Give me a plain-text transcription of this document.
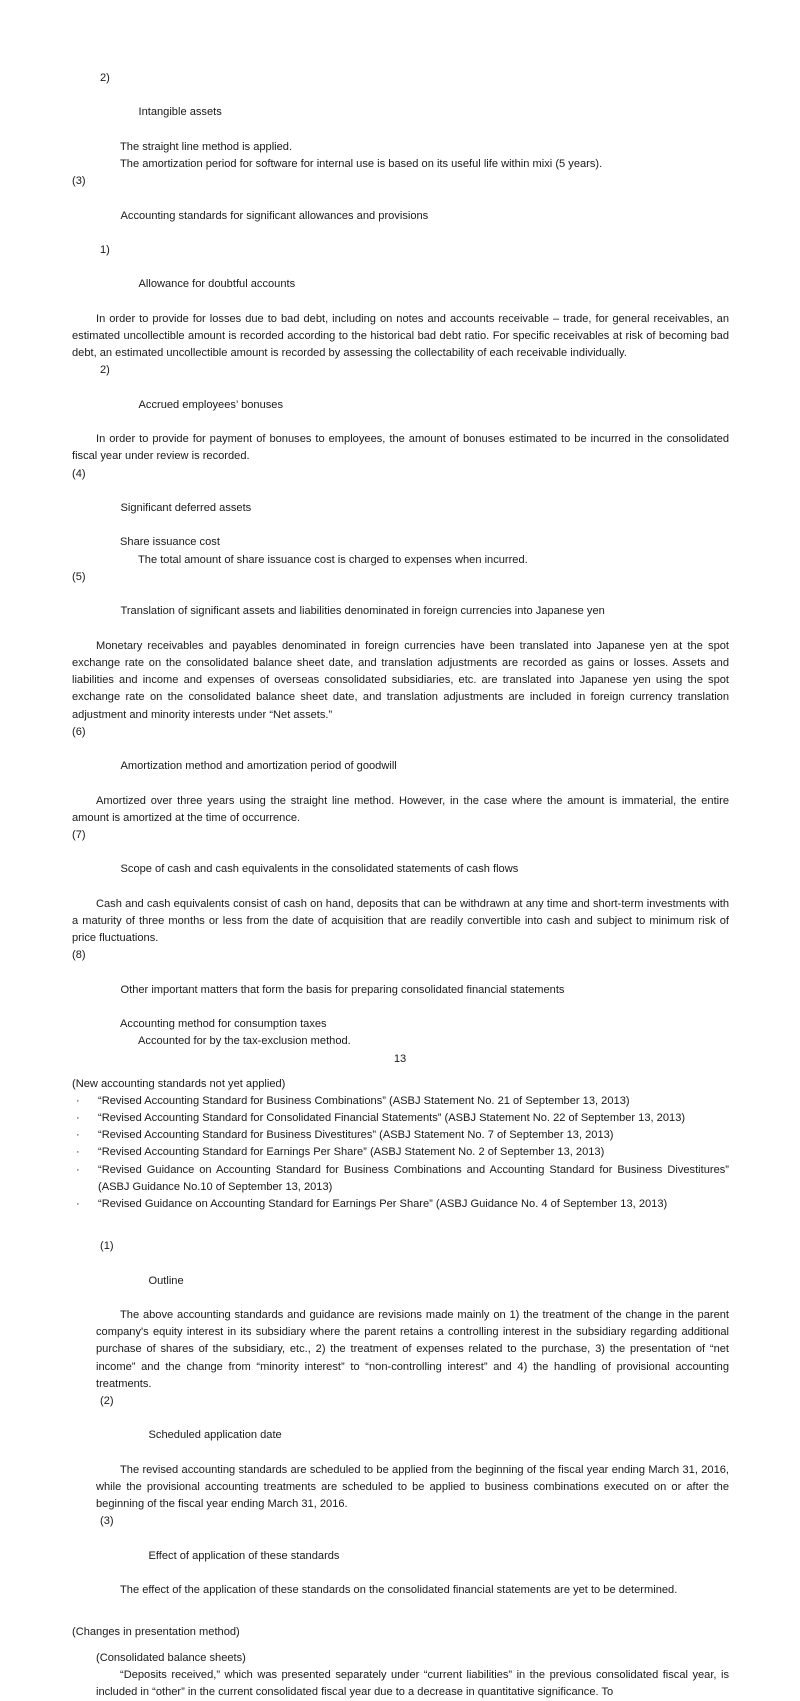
2)

Intangible assets

The straight line method is applied.
The amortization period for software for internal use is based on its useful life within mixi (5 years).

(3)

Accounting standards for significant allowances and provisions

1)

Allowance for doubtful accounts

In order to provide for losses due to bad debt, including on notes and accounts receivable – trade, for general receivables, an estimated uncollectible amount is recorded according to the historical bad debt ratio. For specific receivables at risk of becoming bad debt, an estimated uncollectible amount is recorded by assessing the collectability of each receivable individually.

2)

Accrued employees’ bonuses

In order to provide for payment of bonuses to employees, the amount of bonuses estimated to be incurred in the consolidated fiscal year under review is recorded.

(4)

Significant deferred assets

Share issuance cost
The total amount of share issuance cost is charged to expenses when incurred.

(5)

Translation of significant assets and liabilities denominated in foreign currencies into Japanese yen

Monetary receivables and payables denominated in foreign currencies have been translated into Japanese yen at the spot exchange rate on the consolidated balance sheet date, and translation adjustments are recorded as gains or losses. Assets and liabilities and income and expenses of overseas consolidated subsidiaries, etc. are translated into Japanese yen using the spot exchange rate on the consolidated balance sheet date, and translation adjustments are included in foreign currency translation adjustment and minority interests under “Net assets.”

(6)

Amortization method and amortization period of goodwill

Amortized over three years using the straight line method. However, in the case where the amount is immaterial, the entire amount is amortized at the time of occurrence.

(7)

Scope of cash and cash equivalents in the consolidated statements of cash flows

Cash and cash equivalents consist of cash on hand, deposits that can be withdrawn at any time and short-term investments with a maturity of three months or less from the date of acquisition that are readily convertible into cash and subject to minimum risk of price fluctuations.

(8)

Other important matters that form the basis for preparing consolidated financial statements

Accounting method for consumption taxes
Accounted for by the tax-exclusion method.
(New accounting standards not yet applied)
· “Revised Accounting Standard for Business Combinations” (ASBJ Statement No. 21 of September 13, 2013)
· “Revised Accounting Standard for Consolidated Financial Statements” (ASBJ Statement No. 22 of September 13, 2013)
· “Revised Accounting Standard for Business Divestitures” (ASBJ Statement No. 7 of September 13, 2013)
· “Revised Accounting Standard for Earnings Per Share” (ASBJ Statement No. 2 of September 13, 2013)
· “Revised Guidance on Accounting Standard for Business Combinations and Accounting Standard for Business Divestitures” (ASBJ Guidance No.10 of September 13, 2013)
· “Revised Guidance on Accounting Standard for Earnings Per Share” (ASBJ Guidance No. 4 of September 13, 2013)

(1)

Outline

The above accounting standards and guidance are revisions made mainly on 1) the treatment of the change in the parent company's equity interest in its subsidiary where the parent retains a controlling interest in the subsidiary regarding additional purchase of shares of the subsidiary, etc., 2) the treatment of expenses related to the purchase, 3) the presentation of “net income” and the change from “minority interest” to “non-controlling interest” and 4) the handling of provisional accounting treatments.

(2)

Scheduled application date

The revised accounting standards are scheduled to be applied from the beginning of the fiscal year ending March 31, 2016, while the provisional accounting treatments are scheduled to be applied to business combinations executed on or after the beginning of the fiscal year ending March 31, 2016.

(3)

Effect of application of these standards

The effect of the application of these standards on the consolidated financial statements are yet to be determined.
(Changes in presentation method)
(Consolidated balance sheets)
“Deposits received,” which was presented separately under “current liabilities” in the previous consolidated fiscal year, is included in “other” in the current consolidated fiscal year due to a decrease in quantitative significance. To
13
